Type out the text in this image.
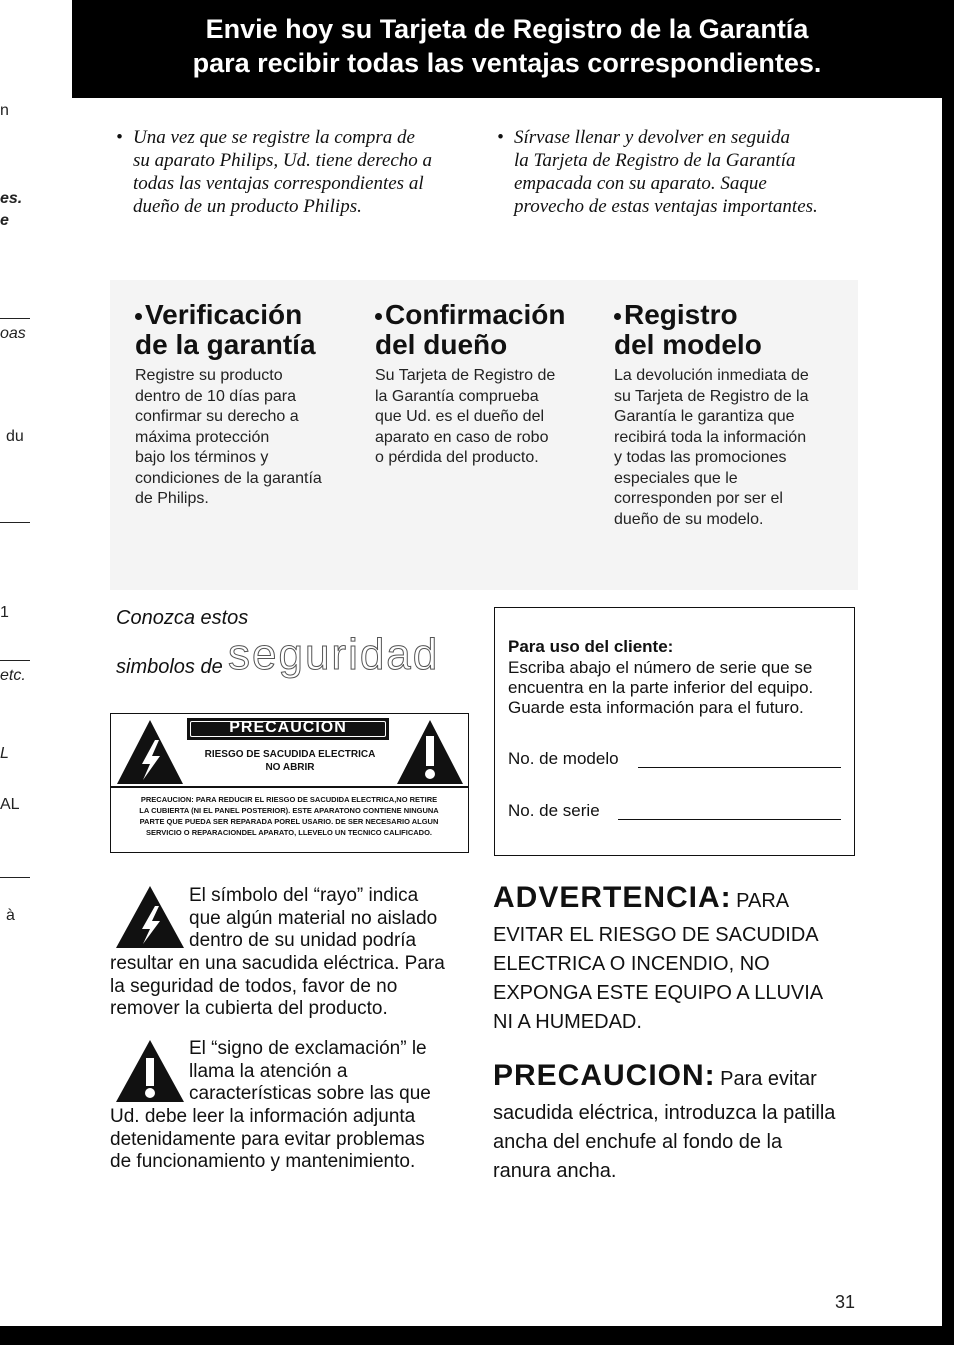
n
es.
e
oas
du
1
etc.
L
AL
à
Envie hoy su Tarjeta de Registro de la Garantía
para recibir todas las ventajas correspondientes.
• Una vez que se registre la compra de
su aparato Philips, Ud. tiene derecho a
todas las ventajas correspondientes al
dueño de un producto Philips.
• Sírvase llenar y devolver en seguida
la Tarjeta de Registro de la Garantía
empacada con su aparato. Saque
provecho de estas ventajas importantes.
Verificación
de la garantía

Registre su producto
dentro de 10 días para
confirmar su derecho a
máxima protección
bajo los términos y
condiciones de la garantía
de Philips.

Confirmación
del dueño

Su Tarjeta de Registro de
la Garantía comprueba
que Ud. es el dueño del
aparato en caso de robo
o pérdida del producto.

Registro
del modelo

La devolución inmediata de
su Tarjeta de Registro de la
Garantía le garantiza que
recibirá toda la información
y todas las promociones
especiales que le
corresponden por ser el
dueño de su modelo.

Conozca estos
simbolos de seguridad
PRECAUCION
RIESGO DE SACUDIDA ELECTRICA
NO ABRIR
PRECAUCION: PARA REDUCIR EL RIESGO DE SACUDIDA ELECTRICA,NO RETIRE
LA CUBIERTA (NI EL PANEL POSTERIOR). ESTE APARATONO CONTIENE NINGUNA
PARTE QUE PUEDA SER REPARADA POREL USARIO. DE SER NECESARIO ALGUN
SERVICIO O REPARACIONDEL APARATO, LLEVELO UN TECNICO CALIFICADO.
Para uso del cliente:
Escriba abajo el número de serie que se
encuentra en la parte inferior del equipo.
Guarde esta información para el futuro.
No. de modelo
No. de serie
El símbolo del “rayo” indica
que algún material no aislado
dentro de su unidad podría
resultar en una sacudida eléctrica. Para
la seguridad de todos, favor de no
remover la cubierta del producto.
El “signo de exclamación” le
llama la atención a
características sobre las que
Ud. debe leer la información adjunta
detenidamente para evitar problemas
de funcionamiento y mantenimiento.
ADVERTENCIA: PARA
EVITAR EL RIESGO DE SACUDIDA
ELECTRICA O INCENDIO, NO
EXPONGA ESTE EQUIPO A LLUVIA
NI A HUMEDAD.
PRECAUCION: Para evitar
sacudida eléctrica, introduzca la patilla
ancha del enchufe al fondo de la
ranura ancha.
31
